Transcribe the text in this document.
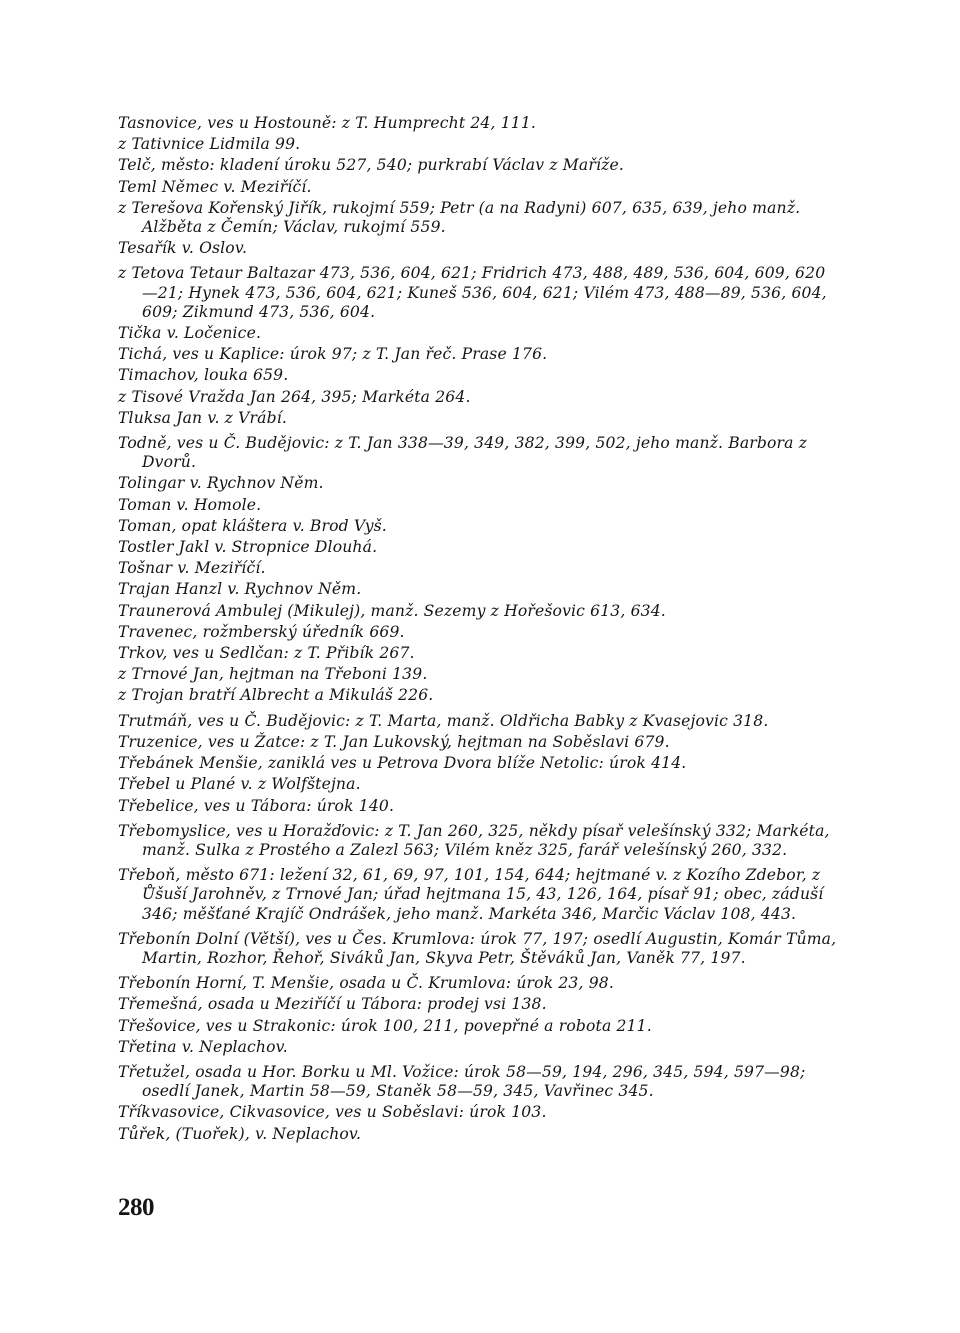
Tasnovice, ves u Hostouně: z T. Humprecht 24, 111.

z Tativnice Lidmila 99.

Telč, město: kladení úroku 527, 540; purkrabí Václav z Maříže.

Teml Němec v. Meziříčí.

z Terešova Kořenský Jiřík, rukojmí 559; Petr (a na Radyni) 607, 635, 639, jeho manž. Alžběta z Čemín; Václav, rukojmí 559.

Tesařík v. Oslov.

z Tetova Tetaur Baltazar 473, 536, 604, 621; Fridrich 473, 488, 489, 536, 604, 609, 620—21; Hynek 473, 536, 604, 621; Kuneš 536, 604, 621; Vilém 473, 488—89, 536, 604, 609; Zikmund 473, 536, 604.

Tička v. Ločenice.

Tichá, ves u Kaplice: úrok 97; z T. Jan řeč. Prase 176.

Timachov, louka 659.

z Tisové Vražda Jan 264, 395; Markéta 264.

Tluksa Jan v. z Vrábí.

Todně, ves u Č. Budějovic: z T. Jan 338—39, 349, 382, 399, 502, jeho manž. Barbora z Dvorů.

Tolingar v. Rychnov Něm.

Toman v. Homole.

Toman, opat kláštera v. Brod Vyš.

Tostler Jakl v. Stropnice Dlouhá.

Tošnar v. Meziříčí.

Trajan Hanzl v. Rychnov Něm.

Traunerová Ambulej (Mikulej), manž. Sezemy z Hořešovic 613, 634.

Travenec, rožmberský úředník 669.

Trkov, ves u Sedlčan: z T. Přibík 267.

z Trnové Jan, hejtman na Třeboni 139.

z Trojan bratří Albrecht a Mikuláš 226.

Trutmáň, ves u Č. Budějovic: z T. Marta, manž. Oldřicha Babky z Kvasejovic 318.

Truzenice, ves u Žatce: z T. Jan Lukovský, hejtman na Soběslavi 679.

Třebánek Menšie, zaniklá ves u Petrova Dvora blíže Netolic: úrok 414.

Třebel u Plané v. z Wolfštejna.

Třebelice, ves u Tábora: úrok 140.

Třebomyslice, ves u Horažďovic: z T. Jan 260, 325, někdy písař velešínský 332; Markéta, manž. Sulka z Prostého a Zalezl 563; Vilém kněz 325, farář velešínský 260, 332.

Třeboň, město 671: ležení 32, 61, 69, 97, 101, 154, 644; hejtmané v. z Kozího Zdebor, z Ůšuší Jarohněv, z Trnové Jan; úřad hejtmana 15, 43, 126, 164, písař 91; obec, záduší 346; měšťané Krajíč Ondrášek, jeho manž. Markéta 346, Marčic Václav 108, 443.

Třebonín Dolní (Větší), ves u Čes. Krumlova: úrok 77, 197; osedlí Augustin, Komár Tůma, Martin, Rozhor, Řehoř, Siváků Jan, Skyva Petr, Štěváků Jan, Vaněk 77, 197.

Třebonín Horní, T. Menšie, osada u Č. Krumlova: úrok 23, 98.

Třemešná, osada u Meziříčí u Tábora: prodej vsi 138.

Třešovice, ves u Strakonic: úrok 100, 211, povepřné a robota 211.

Třetina v. Neplachov.

Třetužel, osada u Hor. Borku u Ml. Vožice: úrok 58—59, 194, 296, 345, 594, 597—98; osedlí Janek, Martin 58—59, Staněk 58—59, 345, Vavřinec 345.

Tříkvasovice, Cikvasovice, ves u Soběslavi: úrok 103.

Tůřek, (Tuořek), v. Neplachov.

280
